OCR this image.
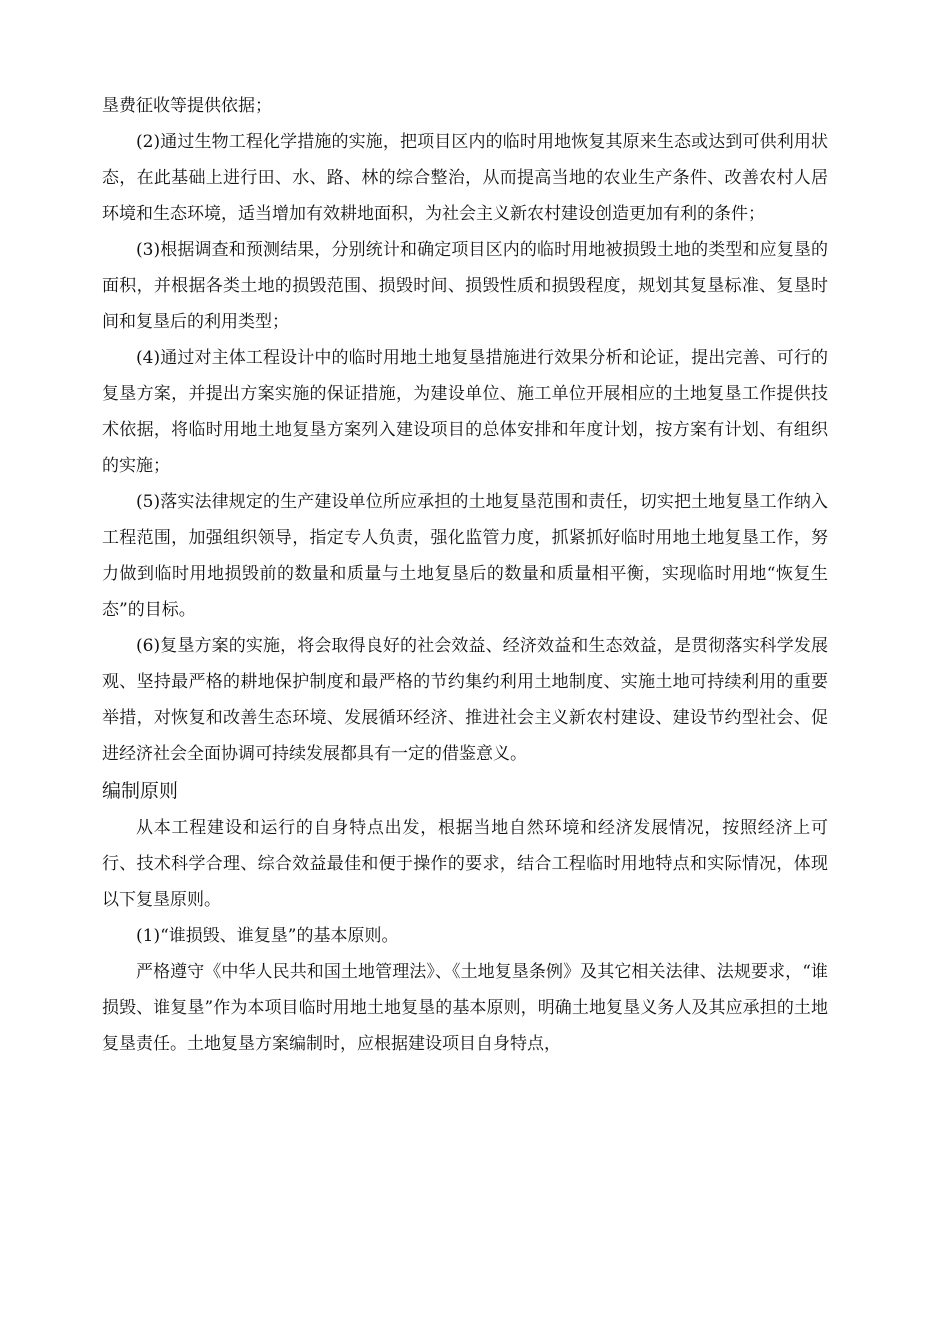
垦费征收等提供依据；

(2)通过生物工程化学措施的实施，把项目区内的临时用地恢复其原来生态或达到可供利用状态，在此基础上进行田、水、路、林的综合整治，从而提高当地的农业生产条件、改善农村人居环境和生态环境，适当增加有效耕地面积，为社会主义新农村建设创造更加有利的条件；

(3)根据调查和预测结果，分别统计和确定项目区内的临时用地被损毁土地的类型和应复垦的面积，并根据各类土地的损毁范围、损毁时间、损毁性质和损毁程度，规划其复垦标准、复垦时间和复垦后的利用类型；

(4)通过对主体工程设计中的临时用地土地复垦措施进行效果分析和论证，提出完善、可行的复垦方案，并提出方案实施的保证措施，为建设单位、施工单位开展相应的土地复垦工作提供技术依据，将临时用地土地复垦方案列入建设项目的总体安排和年度计划，按方案有计划、有组织的实施；

(5)落实法律规定的生产建设单位所应承担的土地复垦范围和责任，切实把土地复垦工作纳入工程范围，加强组织领导，指定专人负责，强化监管力度，抓紧抓好临时用地土地复垦工作，努力做到临时用地损毁前的数量和质量与土地复垦后的数量和质量相平衡，实现临时用地“恢复生态”的目标。

(6)复垦方案的实施，将会取得良好的社会效益、经济效益和生态效益，是贯彻落实科学发展观、坚持最严格的耕地保护制度和最严格的节约集约利用土地制度、实施土地可持续利用的重要举措，对恢复和改善生态环境、发展循环经济、推进社会主义新农村建设、建设节约型社会、促进经济社会全面协调可持续发展都具有一定的借鉴意义。

编制原则

从本工程建设和运行的自身特点出发，根据当地自然环境和经济发展情况，按照经济上可行、技术科学合理、综合效益最佳和便于操作的要求，结合工程临时用地特点和实际情况，体现以下复垦原则。

(1)“谁损毁、谁复垦”的基本原则。

严格遵守《中华人民共和国土地管理法》、《土地复垦条例》及其它相关法律、法规要求，“谁损毁、谁复垦”作为本项目临时用地土地复垦的基本原则，明确土地复垦义务人及其应承担的土地复垦责任。土地复垦方案编制时，应根据建设项目自身特点，
